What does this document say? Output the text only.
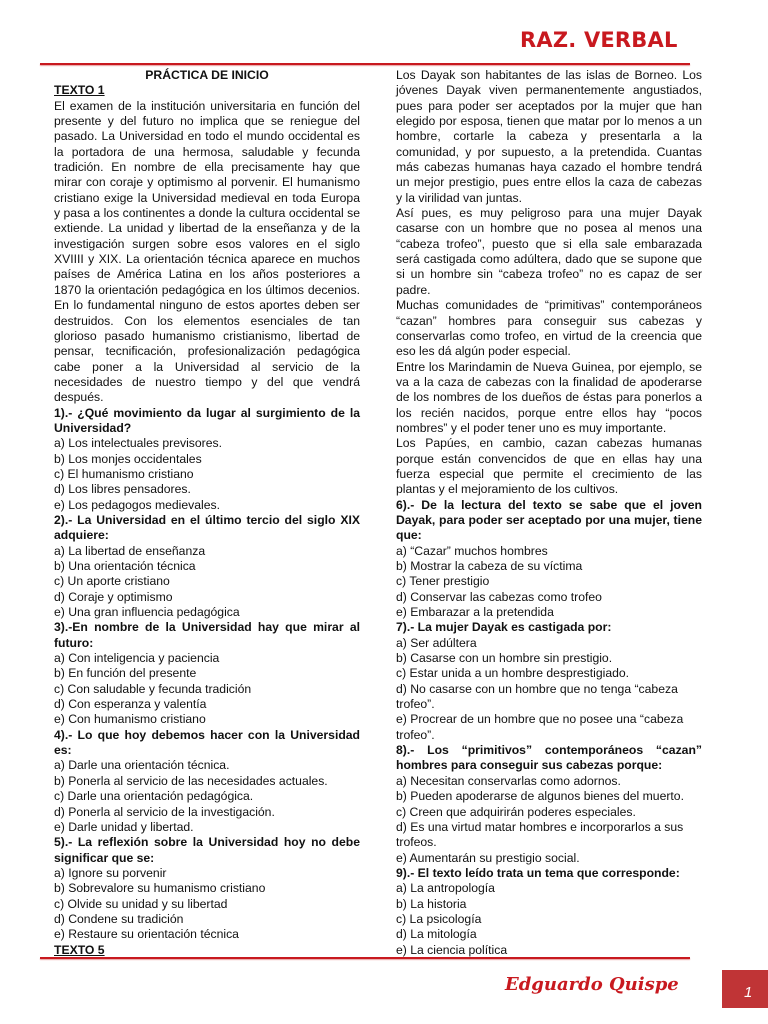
RAZ. VERBAL

PRÁCTICA DE INICIO

TEXTO 1

El examen de la institución universitaria en función del presente y del futuro no implica que se reniegue del pasado. La Universidad en todo el mundo occidental es la portadora de una hermosa, saludable y fecunda tradición. En nombre de ella precisamente hay que mirar con coraje y optimismo al porvenir. El humanismo cristiano exige la Universidad medieval en toda Europa y pasa a los continentes a donde la cultura occidental se extiende. La unidad y libertad de la enseñanza y de la investigación surgen sobre esos valores en el siglo XVIIII y XIX. La orientación técnica aparece en muchos países de América Latina en los años posteriores a 1870 la orientación pedagógica en los últimos decenios. En lo fundamental ninguno de estos aportes deben ser destruidos. Con los elementos esenciales de tan glorioso pasado humanismo cristianismo, libertad de pensar, tecnificación, profesionalización pedagógica cabe poner a la Universidad al servicio de la necesidades de nuestro tiempo y del que vendrá después.

1).- ¿Qué movimiento da lugar al surgimiento de la Universidad?

a) Los intelectuales previsores.

b) Los monjes occidentales

c) El humanismo cristiano

d) Los libres pensadores.

e) Los pedagogos medievales.

2).- La Universidad en el último tercio del siglo XIX adquiere:

a) La libertad de enseñanza

b) Una orientación técnica

c) Un aporte cristiano

d) Coraje y optimismo

e) Una gran influencia pedagógica

3).-En nombre de la Universidad hay que mirar al futuro:

a) Con inteligencia y paciencia

b) En función del presente

c) Con saludable y fecunda tradición

d) Con esperanza y valentía

e) Con humanismo cristiano

4).- Lo que hoy debemos hacer con la Universidad es:

a) Darle una orientación técnica.

b) Ponerla al servicio de las necesidades actuales.

c) Darle una orientación pedagógica.

d) Ponerla al servicio de la investigación.

e) Darle unidad y libertad.

5).- La reflexión sobre la Universidad hoy no debe significar que se:

a) Ignore su porvenir

b) Sobrevalore su humanismo cristiano

c) Olvide su unidad y su libertad

d) Condene su tradición

e) Restaure su orientación técnica

TEXTO 5

Los Dayak son habitantes de las islas de Borneo. Los jóvenes Dayak viven permanentemente angustiados, pues para poder ser aceptados por la mujer que han elegido por esposa, tienen que matar por lo menos a un hombre, cortarle la cabeza y presentarla a la comunidad, y por supuesto, a la pretendida. Cuantas más cabezas humanas haya cazado el hombre tendrá un mejor prestigio, pues entre ellos la caza de cabezas y la virilidad van juntas.

Así pues, es muy peligroso para una mujer Dayak casarse con un hombre que no posea al menos una “cabeza trofeo”, puesto que si ella sale embarazada será castigada como adúltera, dado que se supone que si un hombre sin “cabeza trofeo” no es capaz de ser padre.

Muchas comunidades de “primitivas” contemporáneos “cazan” hombres para conseguir sus cabezas y conservarlas como trofeo, en virtud de la creencia que eso les dá algún poder especial.

Entre los Marindamin de Nueva Guinea, por ejemplo, se va a la caza de cabezas con la finalidad de apoderarse de los nombres de los dueños de éstas para ponerlos a los recién nacidos, porque entre ellos hay “pocos nombres” y el poder tener uno es muy importante.

Los Papúes, en cambio, cazan cabezas humanas porque están convencidos de que en ellas hay una fuerza especial que permite el crecimiento de las plantas y el mejoramiento de los cultivos.

6).- De la lectura del texto se sabe que el joven Dayak, para poder ser aceptado por una mujer, tiene que:

a) “Cazar” muchos hombres

b) Mostrar la cabeza de su víctima

c) Tener prestigio

d) Conservar las cabezas como trofeo

e) Embarazar a la pretendida

7).- La mujer Dayak es castigada por:

a) Ser adúltera

b) Casarse con un hombre sin prestigio.

c) Estar unida a un hombre desprestigiado.

d) No casarse con un hombre que no tenga “cabeza trofeo”.

e) Procrear de un hombre que no posee una “cabeza trofeo”.

8).- Los “primitivos” contemporáneos “cazan” hombres para conseguir sus cabezas porque:

a) Necesitan conservarlas como adornos.

b) Pueden apoderarse de algunos bienes del muerto.

c) Creen que adquirirán poderes especiales.

d) Es una virtud matar hombres e incorporarlos a sus trofeos.

e) Aumentarán su prestigio social.

9).- El texto leído trata un tema que corresponde:

a) La antropología

b) La historia

c) La psicología

d) La mitología

e) La ciencia política

Edguardo Quispe	1
